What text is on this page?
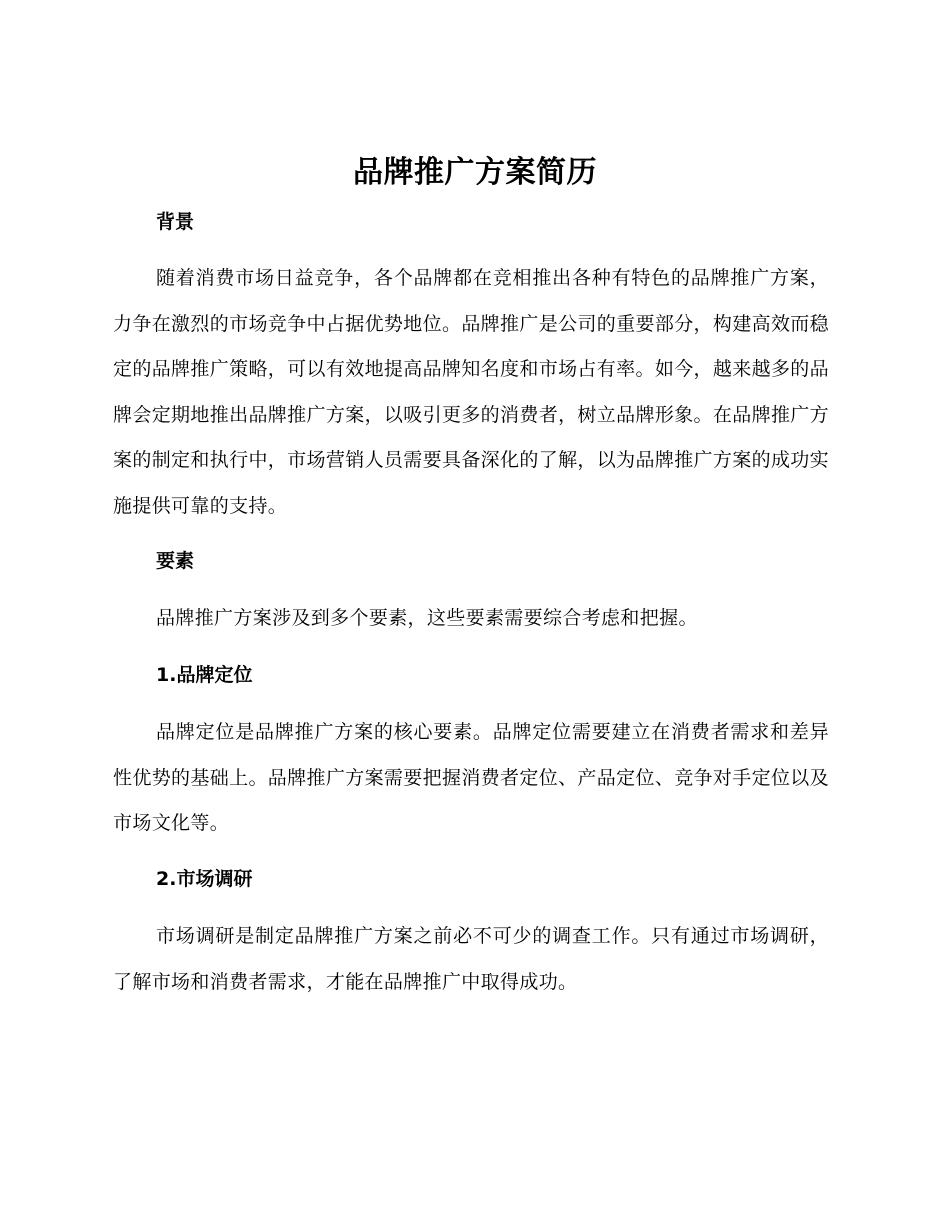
品牌推广方案简历
背景

随着消费市场日益竞争，各个品牌都在竞相推出各种有特色的品牌推广方案，力争在激烈的市场竞争中占据优势地位。品牌推广是公司的重要部分，构建高效而稳定的品牌推广策略，可以有效地提高品牌知名度和市场占有率。如今，越来越多的品牌会定期地推出品牌推广方案，以吸引更多的消费者，树立品牌形象。在品牌推广方案的制定和执行中，市场营销人员需要具备深化的了解，以为品牌推广方案的成功实施提供可靠的支持。

要素

品牌推广方案涉及到多个要素，这些要素需要综合考虑和把握。

1.品牌定位

品牌定位是品牌推广方案的核心要素。品牌定位需要建立在消费者需求和差异性优势的基础上。品牌推广方案需要把握消费者定位、产品定位、竞争对手定位以及市场文化等。

2.市场调研

市场调研是制定品牌推广方案之前必不可少的调查工作。只有通过市场调研，了解市场和消费者需求，才能在品牌推广中取得成功。
